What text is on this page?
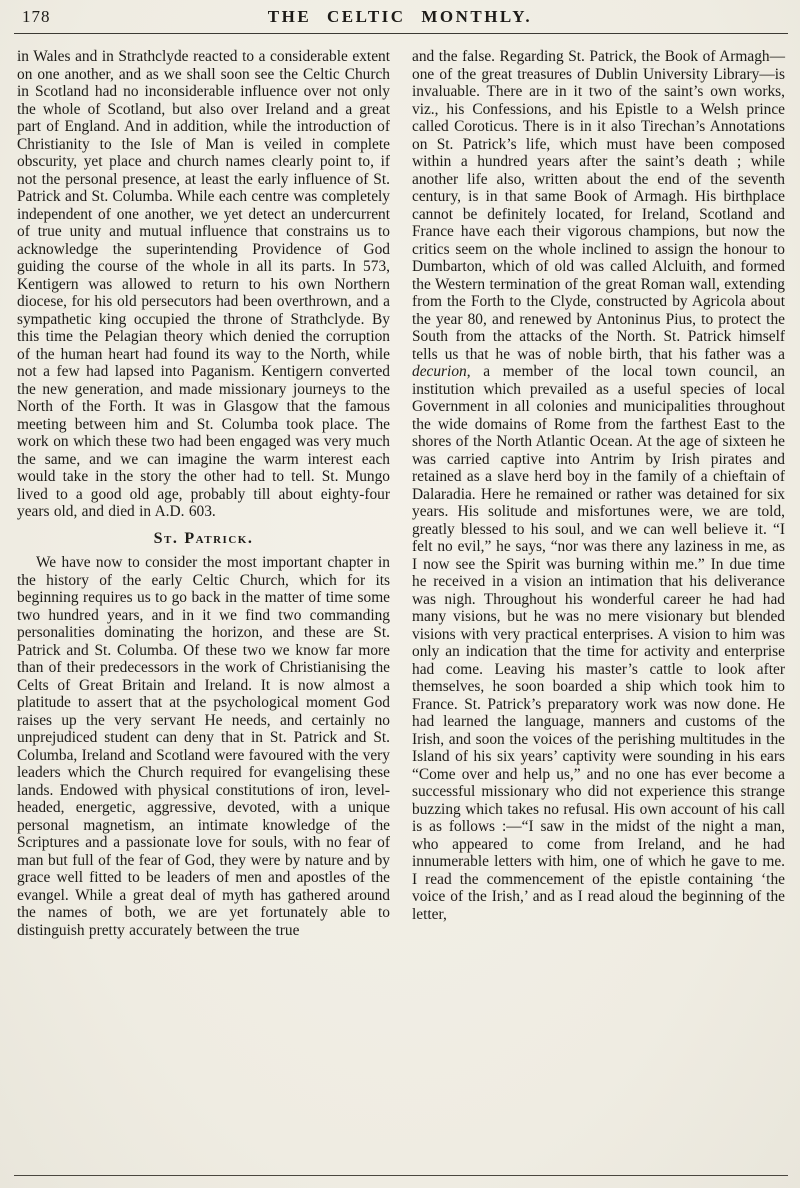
178	THE CELTIC MONTHLY.

in Wales and in Strathclyde reacted to a considerable extent on one another, and as we shall soon see the Celtic Church in Scotland had no inconsiderable influence over not only the whole of Scotland, but also over Ireland and a great part of England. And in addition, while the introduction of Christianity to the Isle of Man is veiled in complete obscurity, yet place and church names clearly point to, if not the personal presence, at least the early influence of St. Patrick and St. Columba. While each centre was completely independent of one another, we yet detect an undercurrent of true unity and mutual influence that constrains us to acknowledge the superintending Providence of God guiding the course of the whole in all its parts. In 573, Kentigern was allowed to return to his own Northern diocese, for his old persecutors had been overthrown, and a sympathetic king occupied the throne of Strathclyde. By this time the Pelagian theory which denied the corruption of the human heart had found its way to the North, while not a few had lapsed into Paganism. Kentigern converted the new generation, and made missionary journeys to the North of the Forth. It was in Glasgow that the famous meeting between him and St. Columba took place. The work on which these two had been engaged was very much the same, and we can imagine the warm interest each would take in the story the other had to tell. St. Mungo lived to a good old age, probably till about eighty-four years old, and died in A.D. 603.

St. Patrick.

We have now to consider the most important chapter in the history of the early Celtic Church, which for its beginning requires us to go back in the matter of time some two hundred years, and in it we find two commanding personalities dominating the horizon, and these are St. Patrick and St. Columba. Of these two we know far more than of their predecessors in the work of Christianising the Celts of Great Britain and Ireland. It is now almost a platitude to assert that at the psychological moment God raises up the very servant He needs, and certainly no unprejudiced student can deny that in St. Patrick and St. Columba, Ireland and Scotland were favoured with the very leaders which the Church required for evangelising these lands. Endowed with physical constitutions of iron, level-headed, energetic, aggressive, devoted, with a unique personal magnetism, an intimate knowledge of the Scriptures and a passionate love for souls, with no fear of man but full of the fear of God, they were by nature and by grace well fitted to be leaders of men and apostles of the evangel. While a great deal of myth has gathered around the names of both, we are yet fortunately able to distinguish pretty accurately between the true

and the false. Regarding St. Patrick, the Book of Armagh—one of the great treasures of Dublin University Library—is invaluable. There are in it two of the saint’s own works, viz., his Confessions, and his Epistle to a Welsh prince called Coroticus. There is in it also Tirechan’s Annotations on St. Patrick’s life, which must have been composed within a hundred years after the saint’s death ; while another life also, written about the end of the seventh century, is in that same Book of Armagh. His birthplace cannot be definitely located, for Ireland, Scotland and France have each their vigorous champions, but now the critics seem on the whole inclined to assign the honour to Dumbarton, which of old was called Alcluith, and formed the Western termination of the great Roman wall, extending from the Forth to the Clyde, constructed by Agricola about the year 80, and renewed by Antoninus Pius, to protect the South from the attacks of the North. St. Patrick himself tells us that he was of noble birth, that his father was a decurion, a member of the local town council, an institution which prevailed as a useful species of local Government in all colonies and municipalities throughout the wide domains of Rome from the farthest East to the shores of the North Atlantic Ocean. At the age of sixteen he was carried captive into Antrim by Irish pirates and retained as a slave herd boy in the family of a chieftain of Dalaradia. Here he remained or rather was detained for six years. His solitude and misfortunes were, we are told, greatly blessed to his soul, and we can well believe it. “I felt no evil,” he says, “nor was there any laziness in me, as I now see the Spirit was burning within me.” In due time he received in a vision an intimation that his deliverance was nigh. Throughout his wonderful career he had had many visions, but he was no mere visionary but blended visions with very practical enterprises. A vision to him was only an indication that the time for activity and enterprise had come. Leaving his master’s cattle to look after themselves, he soon boarded a ship which took him to France. St. Patrick’s preparatory work was now done. He had learned the language, manners and customs of the Irish, and soon the voices of the perishing multitudes in the Island of his six years’ captivity were sounding in his ears “Come over and help us,” and no one has ever become a successful missionary who did not experience this strange buzzing which takes no refusal. His own account of his call is as follows :—“I saw in the midst of the night a man, who appeared to come from Ireland, and he had innumerable letters with him, one of which he gave to me. I read the commencement of the epistle containing ‘the voice of the Irish,’ and as I read aloud the beginning of the letter,
